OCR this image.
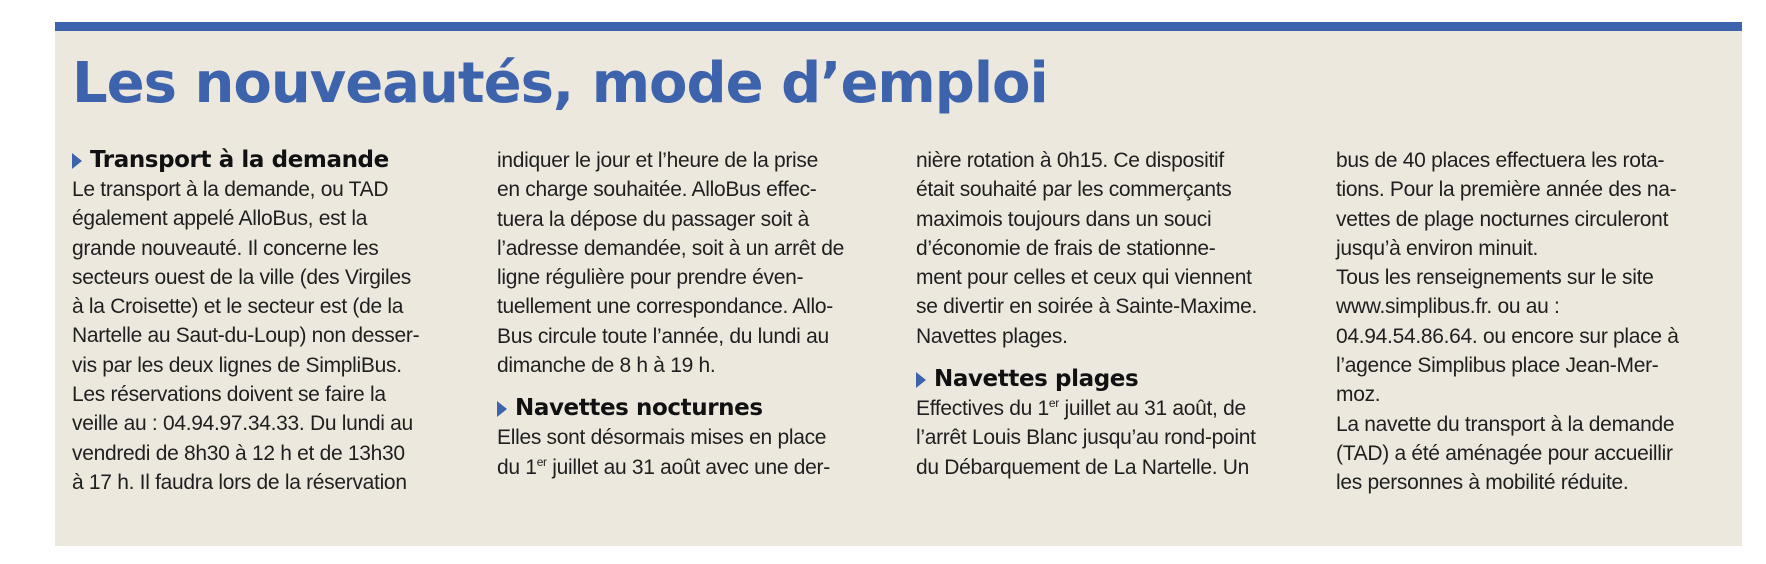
Les nouveautés, mode d’emploi
Transport à la demande

Le transport à la demande, ou TAD
également appelé AlloBus, est la
grande nouveauté. Il concerne les
secteurs ouest de la ville (des Virgiles
à la Croisette) et le secteur est (de la
Nartelle au Saut-du-Loup) non desser-
vis par les deux lignes de SimpliBus.
Les réservations doivent se faire la
veille au : 04.94.97.34.33. Du lundi au
vendredi de 8h30 à 12 h et de 13h30
à 17 h. Il faudra lors de la réservation

indiquer le jour et l’heure de la prise
en charge souhaitée. AlloBus effec-
tuera la dépose du passager soit à
l’adresse demandée, soit à un arrêt de
ligne régulière pour prendre éven-
tuellement une correspondance. Allo-
Bus circule toute l’année, du lundi au
dimanche de 8 h à 19 h.

Navettes nocturnes

Elles sont désormais mises en place
du 1er juillet au 31 août avec une der-

nière rotation à 0h15. Ce dispositif
était souhaité par les commerçants
maximois toujours dans un souci
d’économie de frais de stationne-
ment pour celles et ceux qui viennent
se divertir en soirée à Sainte-Maxime.
Navettes plages.

Navettes plages

Effectives du 1er juillet au 31 août, de
l’arrêt Louis Blanc jusqu’au rond-point
du Débarquement de La Nartelle. Un

bus de 40 places effectuera les rota-
tions. Pour la première année des na-
vettes de plage nocturnes circuleront
jusqu’à environ minuit.
Tous les renseignements sur le site
www.simplibus.fr. ou au :
04.94.54.86.64. ou encore sur place à
l’agence Simplibus place Jean-Mer-
moz.
La navette du transport à la demande
(TAD) a été aménagée pour accueillir
les personnes à mobilité réduite.
